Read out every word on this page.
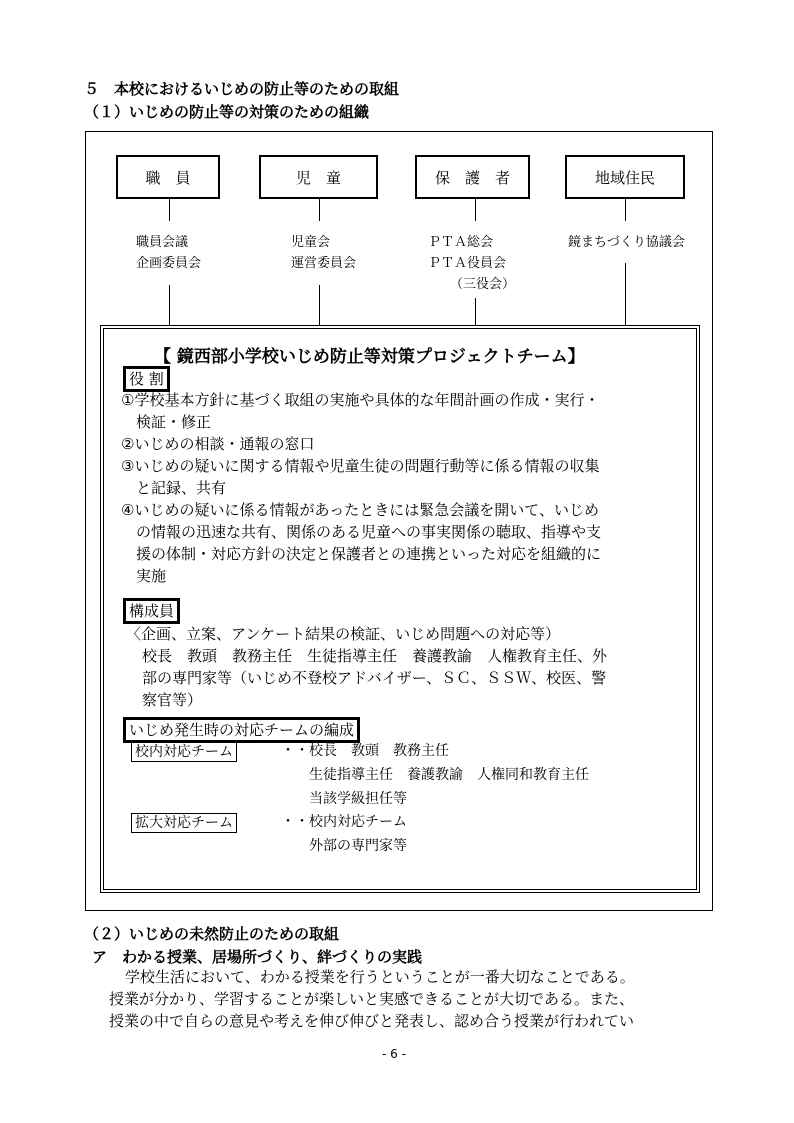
５　本校におけるいじめの防止等のための取組
（１）いじめの防止等の対策のための組織
職　員	児　童	保　護　者	地域住民
職員会議
企画委員会
児童会
運営委員会
ＰＴＡ総会
ＰＴＡ役員会
（三役会）
鏡まちづくり協議会
【 鏡西部小学校いじめ防止等対策プロジェクトチーム】
役 割
①学校基本方針に基づく取組の実施や具体的な年間計画の作成・実行・
検証・修正
②いじめの相談・通報の窓口
③いじめの疑いに関する情報や児童生徒の問題行動等に係る情報の収集
と記録、共有
④いじめの疑いに係る情報があったときには緊急会議を開いて、いじめ
の情報の迅速な共有、関係のある児童への事実関係の聴取、指導や支
援の体制・対応方針の決定と保護者との連携といった対応を組織的に
実施
構成員
〈企画、立案、アンケート結果の検証、いじめ問題への対応等）
校長　教頭　教務主任　生徒指導主任　養護教諭　人権教育主任、外
部の専門家等（いじめ不登校アドバイザー、ＳＣ、ＳＳＷ、校医、警
察官等）
いじめ発生時の対応チームの編成
校内対応チーム	・・校長　教頭　教務主任
生徒指導主任　養護教諭　人権同和教育主任
当該学級担任等
拡大対応チーム	・・校内対応チーム
外部の専門家等
（２）いじめの未然防止のための取組
ア　わかる授業、居場所づくり、絆づくりの実践
学校生活において、わかる授業を行うということが一番大切なことである。
授業が分かり、学習することが楽しいと実感できることが大切である。また、
授業の中で自らの意見や考えを伸び伸びと発表し、認め合う授業が行われてい
- 6 -
